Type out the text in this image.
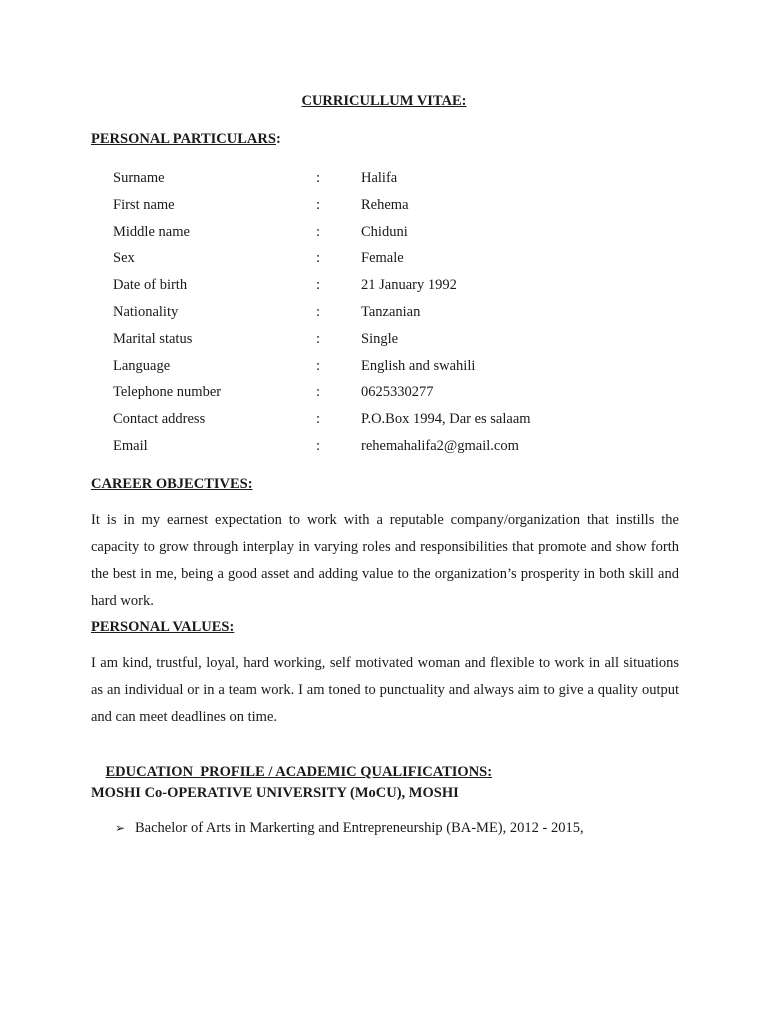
CURRICULLUM VITAE:
PERSONAL PARTICULARS:
Surname	:	Halifa
First name	:	Rehema
Middle name	:	Chiduni
Sex	:	Female
Date of birth	:	21 January 1992
Nationality	:	Tanzanian
Marital status	:	Single
Language	:	English and swahili
Telephone number	:	0625330277
Contact address	:	P.O.Box 1994, Dar es salaam
Email	:	rehemahalifa2@gmail.com
CAREER OBJECTIVES:
It is in my earnest expectation to work with a reputable company/organization that instills the capacity to grow through interplay in varying roles and responsibilities that promote and show forth the best in me, being a good asset and adding value to the organization’s prosperity in both skill and hard work.
PERSONAL VALUES:
I am kind, trustful, loyal, hard working, self motivated woman and flexible to work in all situations as an individual or in a team work. I am toned to punctuality and always aim to give a quality output and can meet deadlines on time.

EDUCATION  PROFILE / ACADEMIC QUALIFICATIONS:

MOSHI Co-OPERATIVE UNIVERSITY (MoCU), MOSHI
➢ Bachelor of Arts in Markerting and Entrepreneurship (BA-ME), 2012 - 2015,
